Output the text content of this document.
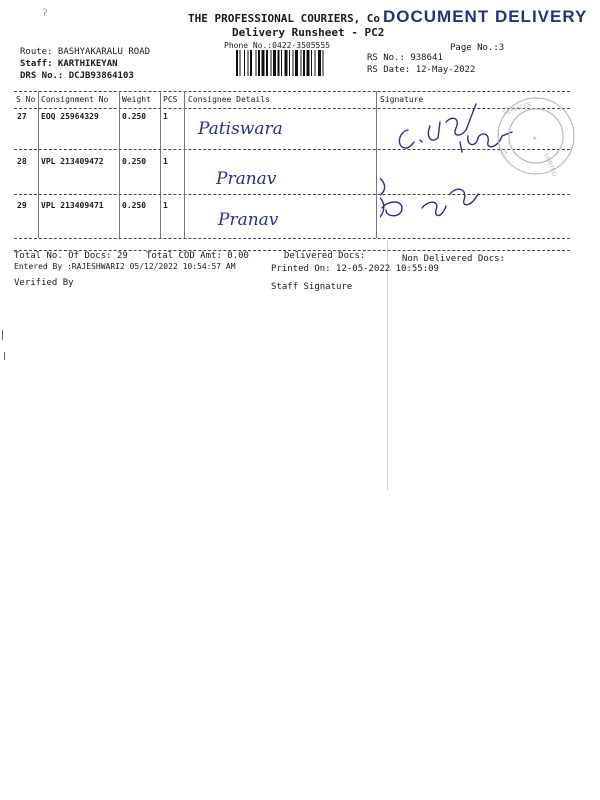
THE PROFESSIONAL COURIERS, Co DOCUMENT DELIVERY
Delivery Runsheet - PC2
Phone No.:0422-3505555	Page No.:3
Route: BASHYAKARALU ROAD
Staff: KARTHIKEYAN
DRS No.: DCJB93864103
RS No.: 938641
RS Date: 12-May-2022
S No Consignment No Weight PCS Consignee Details	Signature
27 EOQ 25964329	0.250 1
Patiswara
28 VPL 213409472 0.250 1
Pranav
29 VPL 213409471 0.250 1
Pranav
SERVICES
LIMITED
PVT
★
Total No. Of Docs: 29 Total COD Amt: 0.00	Delivered Docs:	Non Delivered Docs:
Entered By :RAJESHWARI2 05/12/2022 10:54:57 AM	Printed On: 12-05-2022 10:55:09
Verified By	Staff Signature
ʔ
